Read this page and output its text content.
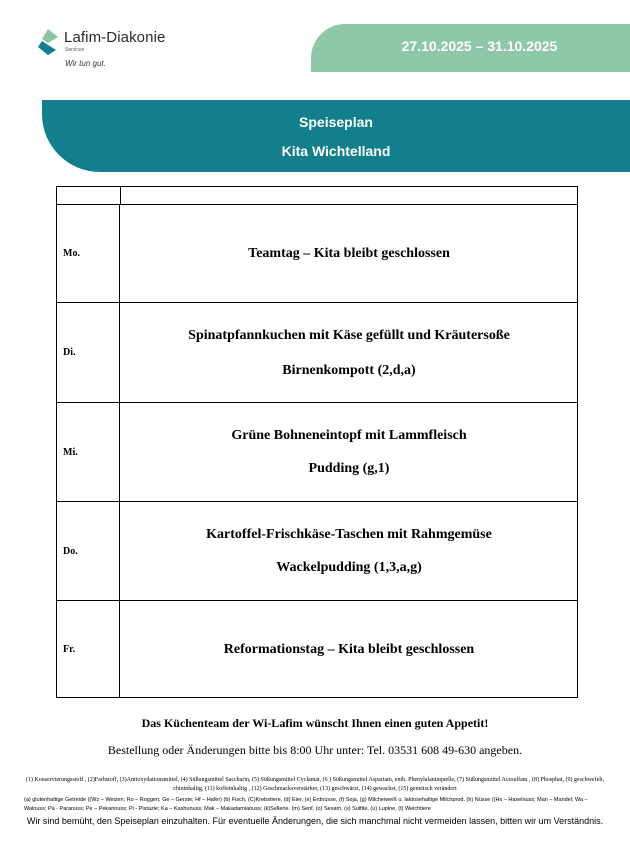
Lafim-Diakonie
Services
Wir tun gut.
27.10.2025 – 31.10.2025
Speiseplan
Kita Wichtelland
Mo.	Teamtag – Kita bleibt geschlossen
Di.
Spinatpfannkuchen mit Käse gefüllt und Kräutersoße
Birnenkompott (2,d,a)
Mi.
Grüne Bohneneintopf mit Lammfleisch
Pudding (g,1)
Do.
Kartoffel-Frischkäse-Taschen mit Rahmgemüse
Wackelpudding (1,3,a,g)
Fr.	Reformationstag – Kita bleibt geschlossen
Das Küchenteam der Wi-Lafim wünscht Ihnen einen guten Appetit!
Bestellung oder Änderungen bitte bis 8:00 Uhr unter: Tel. 03531 608 49-630 angeben.
(1) Konservierungsstoff , (2)Farbstoff, (3)Antioxydationsmittel, (4) Süßungsmittel Saccharin, (5) Süßungsmittel Cyclamat, (6 ) Süßungsmittel Aspartam, enth. Phenylalaninquelle, (7) Süßungsmittel Acesulfam , (8) Phosphat, (9) geschwefelt, chininhaltig, (11) koffeinhaltig , (12) Geschmacksverstärker, (13) geschwärzt, (14) gewachst, (15) genetisch verändert
(a) glutenhaltige Getreide ((Wz – Weizen; Ro – Roggen; Ge – Gerste; Hf – Hafer) (b) Fisch, (C)Krebstiere, (d) Eier, (e) Erdnüsse, (f) Soja, (g) Milcheiweiß u. laktosehaltige Milchprod. (h) Nüsse ((Hs – Haselnuss; Man – Mandel; Wa – Walnuss; Pa - Paranuss; Pe – Pekannuss; Pi - Pistazie; Ka – Kashunuss; Mak – Makadamianuss; (k)Sellerie. (m) Senf, (o) Sesam, (s) Sulfite, (u) Lupine, (t) Weichtiere
Wir sind bemüht, den Speiseplan einzuhalten. Für eventuelle Änderungen, die sich manchmal nicht vermeiden lassen, bitten wir um Verständnis.
